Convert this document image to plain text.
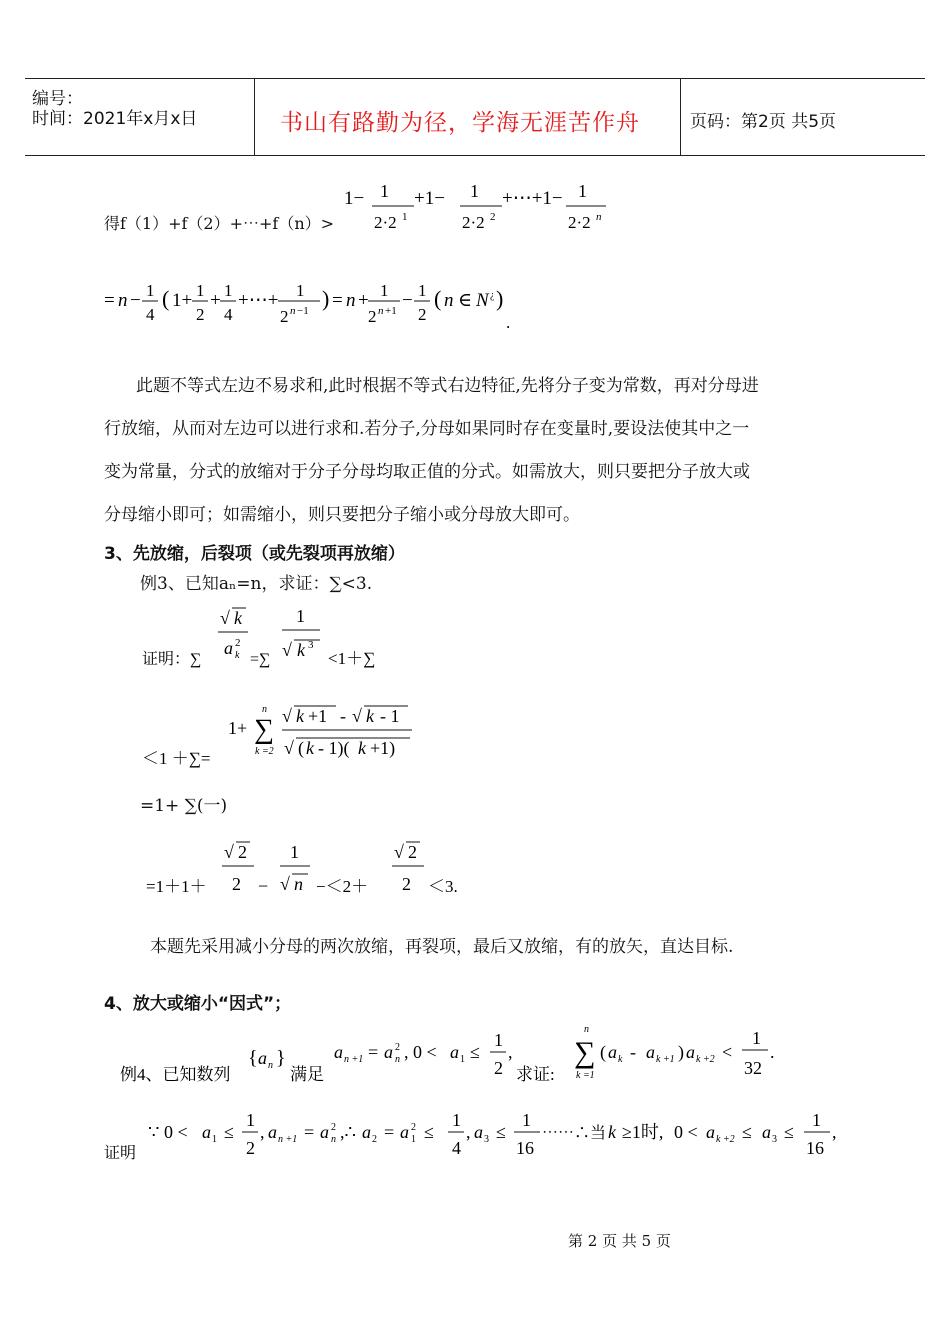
编号：
时间：2021年x月x日	书山有路勤为径，学海无涯苦作舟	页码：第2页 共5页
得f（1）+f（2）+⋯+f（n）>
1− 1
2·2 1
+1− 1
2·2 2
+⋯+1− 1
2·2 n
= n − 1
4
( 1+ 1
2
+ 1
4
+⋯+ 1
2 n −1 ) = n + 1
2 n +1 − 1
2
( n ∈ N ¿ )
.
此题不等式左边不易求和,此时根据不等式右边特征,先将分子变为常数，再对分母进
行放缩，从而对左边可以进行求和.若分子,分母如果同时存在变量时,要设法使其中之一
变为常量，分式的放缩对于分子分母均取正值的分式。如需放大，则只要把分子放大或
分母缩小即可；如需缩小，则只要把分子缩小或分母放大即可。
3、先放缩，后裂项（或先裂项再放缩）
例3、已知aₙ=n，求证：∑<3.
证明：∑
√ k
a 2
k =∑
1
√ k 3
<1＋∑
＜1 ＋∑=
1+ ∑
n
k =2
√ k +1 - √ k - 1
√ ( k - 1)( k +1)
=1+ ∑(一)
=1＋1＋
√ 2
2 −
1
√ n −＜2＋
√ 2
2 ＜3.
本题先采用减小分母的两次放缩，再裂项，最后又放缩，有的放矢，直达目标.
4、放大或缩小“因式”；
例4、已知数列
{ a n }
满足
a n +1 = a 2
n , 0 < a 1 ≤
1
2
,
求证:
∑
n
k =1
( a k - a k +1 ) a k +2 <
1
32
.
证明
∵ 0 < a 1 ≤
1
2
, a n +1 = a 2
n ,∴ a 2 = a 2
1 ≤
1
4
, a 3 ≤
1
16
⋯⋯∴当 k ≥1时, 0 < a k +2 ≤ a 3 ≤
1
16
,
第 2 页 共 5 页
